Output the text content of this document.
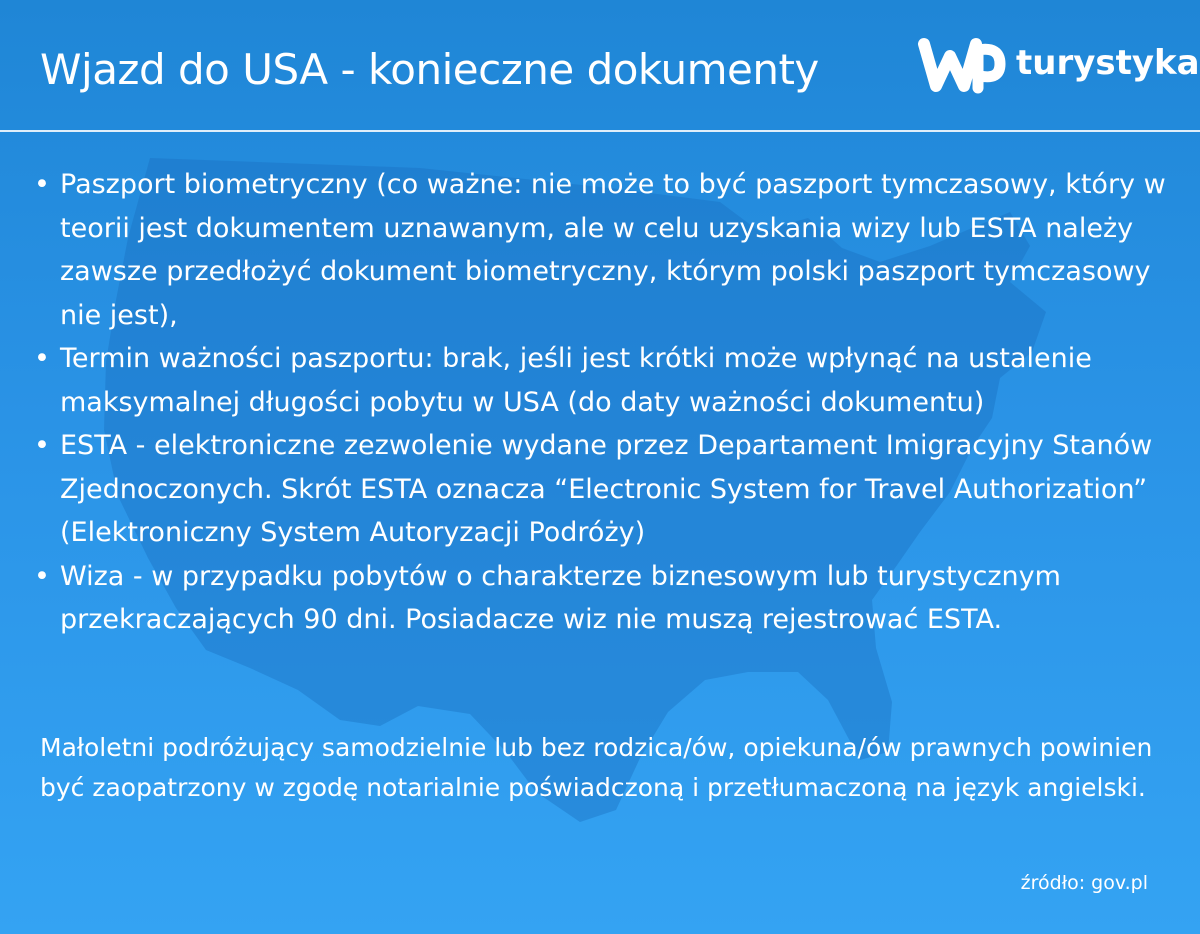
Wjazd do USA - konieczne dokumenty	turystyka
• Paszport biometryczny (co ważne: nie może to być paszport tymczasowy, który w teorii jest dokumentem uznawanym, ale w celu uzyskania wizy lub ESTA należy zawsze przedłożyć dokument biometryczny, którym polski paszport tymczasowy nie jest),
• Termin ważności paszportu: brak, jeśli jest krótki może wpłynąć na ustalenie maksymalnej długości pobytu w USA (do daty ważności dokumentu)
• ESTA - elektroniczne zezwolenie wydane przez Departament Imigracyjny Stanów Zjednoczonych. Skrót ESTA oznacza “Electronic System for Travel Authorization” (Elektroniczny System Autoryzacji Podróży)
• Wiza - w przypadku pobytów o charakterze biznesowym lub turystycznym przekraczających 90 dni. Posiadacze wiz nie muszą rejestrować ESTA.
Małoletni podróżujący samodzielnie lub bez rodzica/ów, opiekuna/ów prawnych powinien być zaopatrzony w zgodę notarialnie poświadczoną i przetłumaczoną na język angielski.
źródło: gov.pl
